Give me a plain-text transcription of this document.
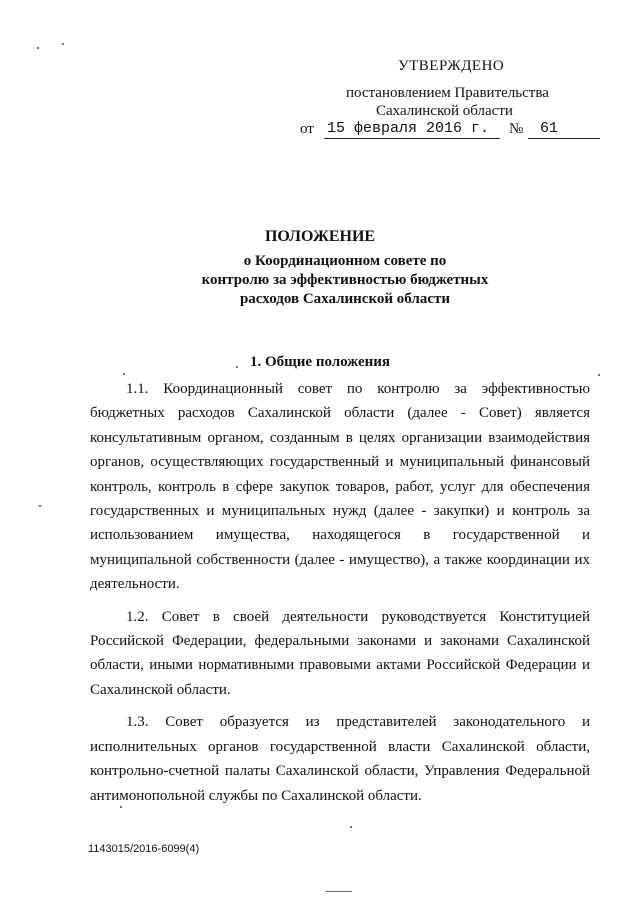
УТВЕРЖДЕНО
постановлением Правительства
Сахалинской области
от 15 февраля 2016 г. № 61
ПОЛОЖЕНИЕ
о Координационном совете по
контролю за эффективностью бюджетных
расходов Сахалинской области
1. Общие положения

1.1. Координационный совет по контролю за эффективностью бюджетных расходов Сахалинской области (далее - Совет) является консультативным органом, созданным в целях организации взаимодействия органов, осуществляющих государственный и муниципальный финансовый контроль, контроль в сфере закупок товаров, работ, услуг для обеспечения государственных и муниципальных нужд (далее - закупки) и контроль за использованием имущества, находящегося в государственной и муниципальной собственности (далее - имущество), а также координации их деятельности.

1.2. Совет в своей деятельности руководствуется Конституцией Российской Федерации, федеральными законами и законами Сахалинской области, иными нормативными правовыми актами Российской Федерации и Сахалинской области.

1.3. Совет образуется из представителей законодательного и исполнительных органов государственной власти Сахалинской области, контрольно-счетной палаты Сахалинской области, Управления Федеральной антимонопольной службы по Сахалинской области.

1143015/2016-6099(4)
